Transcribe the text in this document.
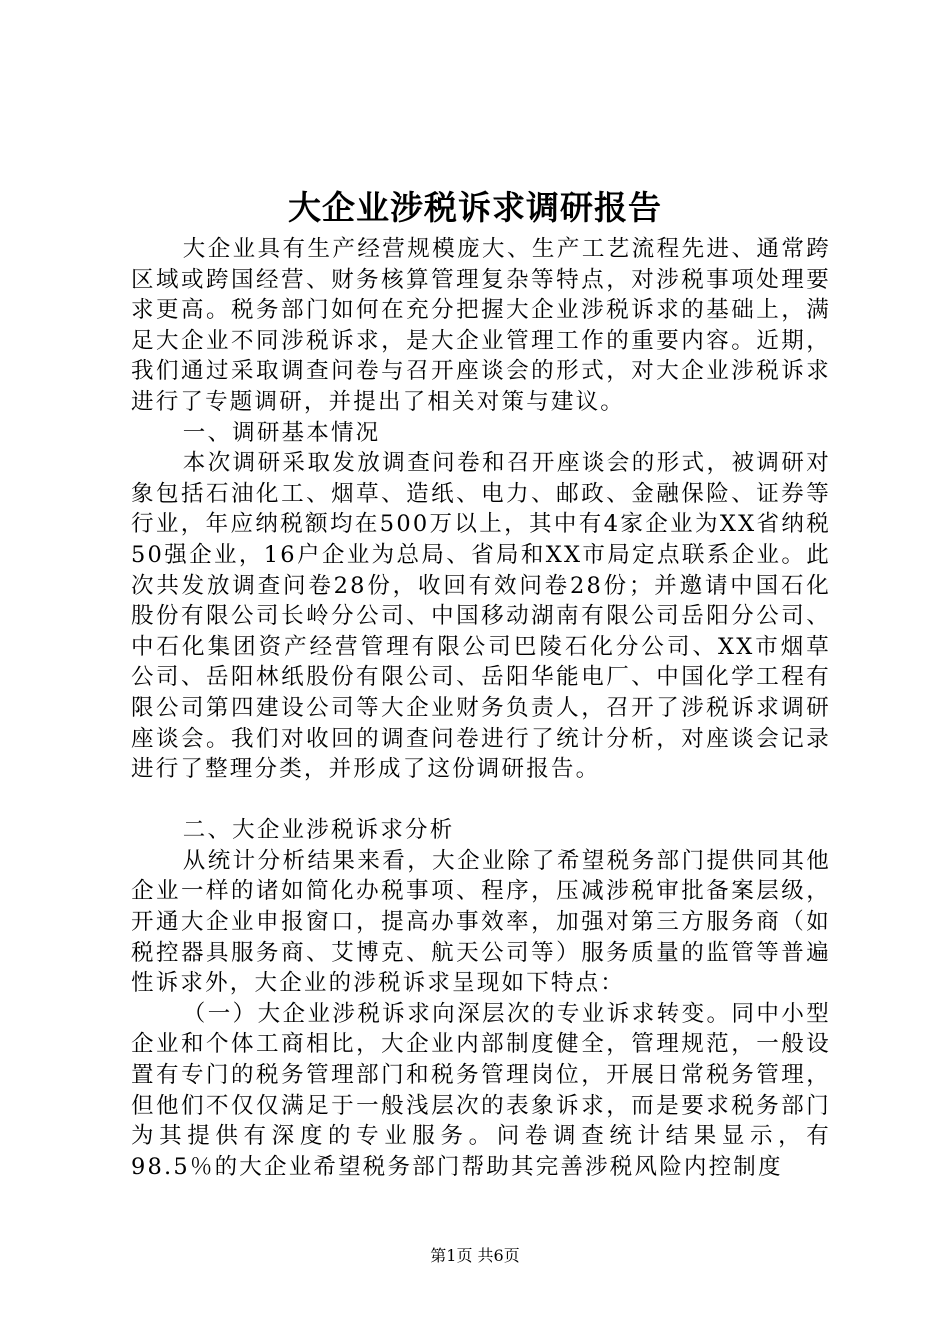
大企业涉税诉求调研报告

大企业具有生产经营规模庞大、生产工艺流程先进、通常跨区域或跨国经营、财务核算管理复杂等特点，对涉税事项处理要求更高。税务部门如何在充分把握大企业涉税诉求的基础上，满足大企业不同涉税诉求，是大企业管理工作的重要内容。近期，我们通过采取调查问卷与召开座谈会的形式，对大企业涉税诉求进行了专题调研，并提出了相关对策与建议。

一、调研基本情况

本次调研采取发放调查问卷和召开座谈会的形式，被调研对象包括石油化工、烟草、造纸、电力、邮政、金融保险、证券等行业，年应纳税额均在500万以上，其中有4家企业为XX省纳税50强企业，16户企业为总局、省局和XX市局定点联系企业。此次共发放调查问卷28份，收回有效问卷28份；并邀请中国石化股份有限公司长岭分公司、中国移动湖南有限公司岳阳分公司、中石化集团资产经营管理有限公司巴陵石化分公司、XX市烟草公司、岳阳林纸股份有限公司、岳阳华能电厂、中国化学工程有限公司第四建设公司等大企业财务负责人，召开了涉税诉求调研座谈会。我们对收回的调查问卷进行了统计分析，对座谈会记录进行了整理分类，并形成了这份调研报告。

二、大企业涉税诉求分析

从统计分析结果来看，大企业除了希望税务部门提供同其他企业一样的诸如简化办税事项、程序，压减涉税审批备案层级，开通大企业申报窗口，提高办事效率，加强对第三方服务商（如税控器具服务商、艾博克、航天公司等）服务质量的监管等普遍性诉求外，大企业的涉税诉求呈现如下特点：

（一）大企业涉税诉求向深层次的专业诉求转变。同中小型企业和个体工商相比，大企业内部制度健全，管理规范，一般设置有专门的税务管理部门和税务管理岗位，开展日常税务管理，但他们不仅仅满足于一般浅层次的表象诉求，而是要求税务部门为其提供有深度的专业服务。问卷调查统计结果显示，有98.5％的大企业希望税务部门帮助其完善涉税风险内控制度

第1页 共6页
